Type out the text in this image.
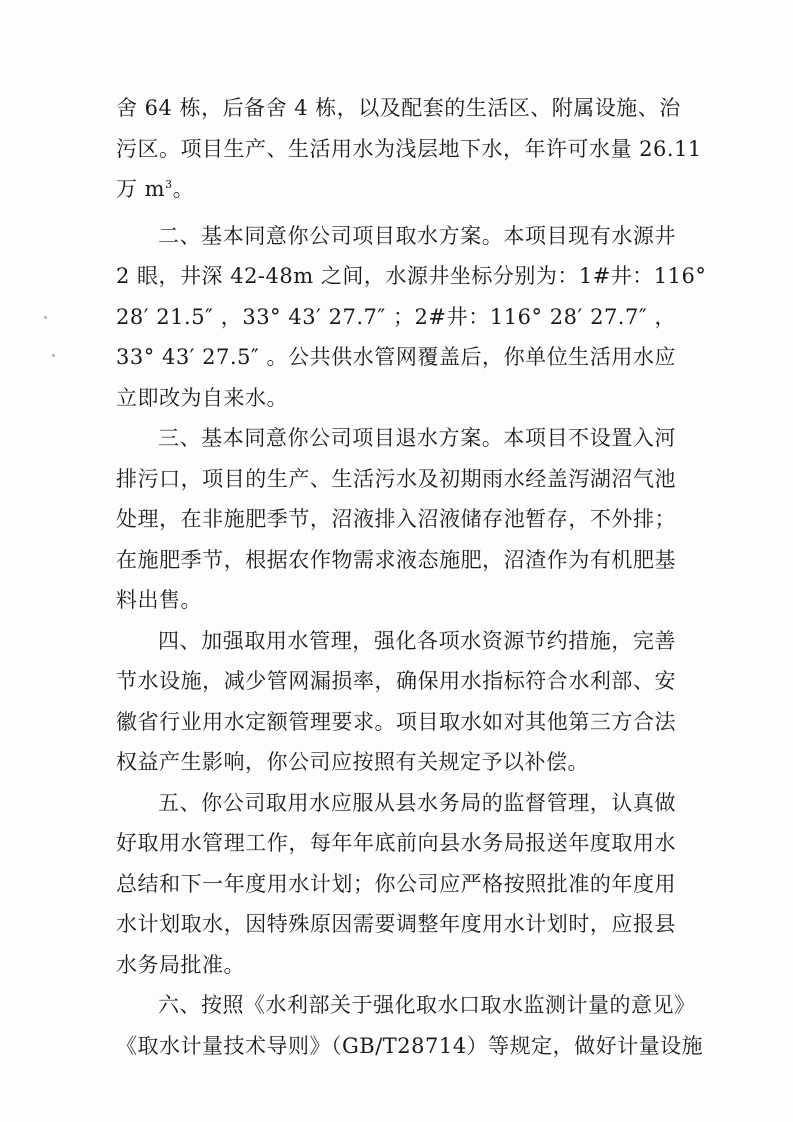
舍 64 栋，后备舍 4 栋，以及配套的生活区、附属设施、治
污区。项目生产、生活用水为浅层地下水，年许可水量 26.11
万 $m^3$。
二、基本同意你公司项目取水方案。本项目现有水源井
2 眼，井深 42-48m 之间，水源井坐标分别为：1#井：116°
28′ 21.5″ ，33° 43′ 27.7″ ；2#井：116° 28′ 27.7″ ，
33° 43′ 27.5″ 。公共供水管网覆盖后，你单位生活用水应
立即改为自来水。
三、基本同意你公司项目退水方案。本项目不设置入河
排污口，项目的生产、生活污水及初期雨水经盖泻湖沼气池
处理，在非施肥季节，沼液排入沼液储存池暂存，不外排；
在施肥季节，根据农作物需求液态施肥，沼渣作为有机肥基
料出售。
四、加强取用水管理，强化各项水资源节约措施，完善
节水设施，减少管网漏损率，确保用水指标符合水利部、安
徽省行业用水定额管理要求。项目取水如对其他第三方合法
权益产生影响，你公司应按照有关规定予以补偿。
五、你公司取用水应服从县水务局的监督管理，认真做
好取用水管理工作，每年年底前向县水务局报送年度取用水
总结和下一年度用水计划；你公司应严格按照批准的年度用
水计划取水，因特殊原因需要调整年度用水计划时，应报县
水务局批准。
六、按照《水利部关于强化取水口取水监测计量的意见》
《取水计量技术导则》（GB/T28714）等规定，做好计量设施
